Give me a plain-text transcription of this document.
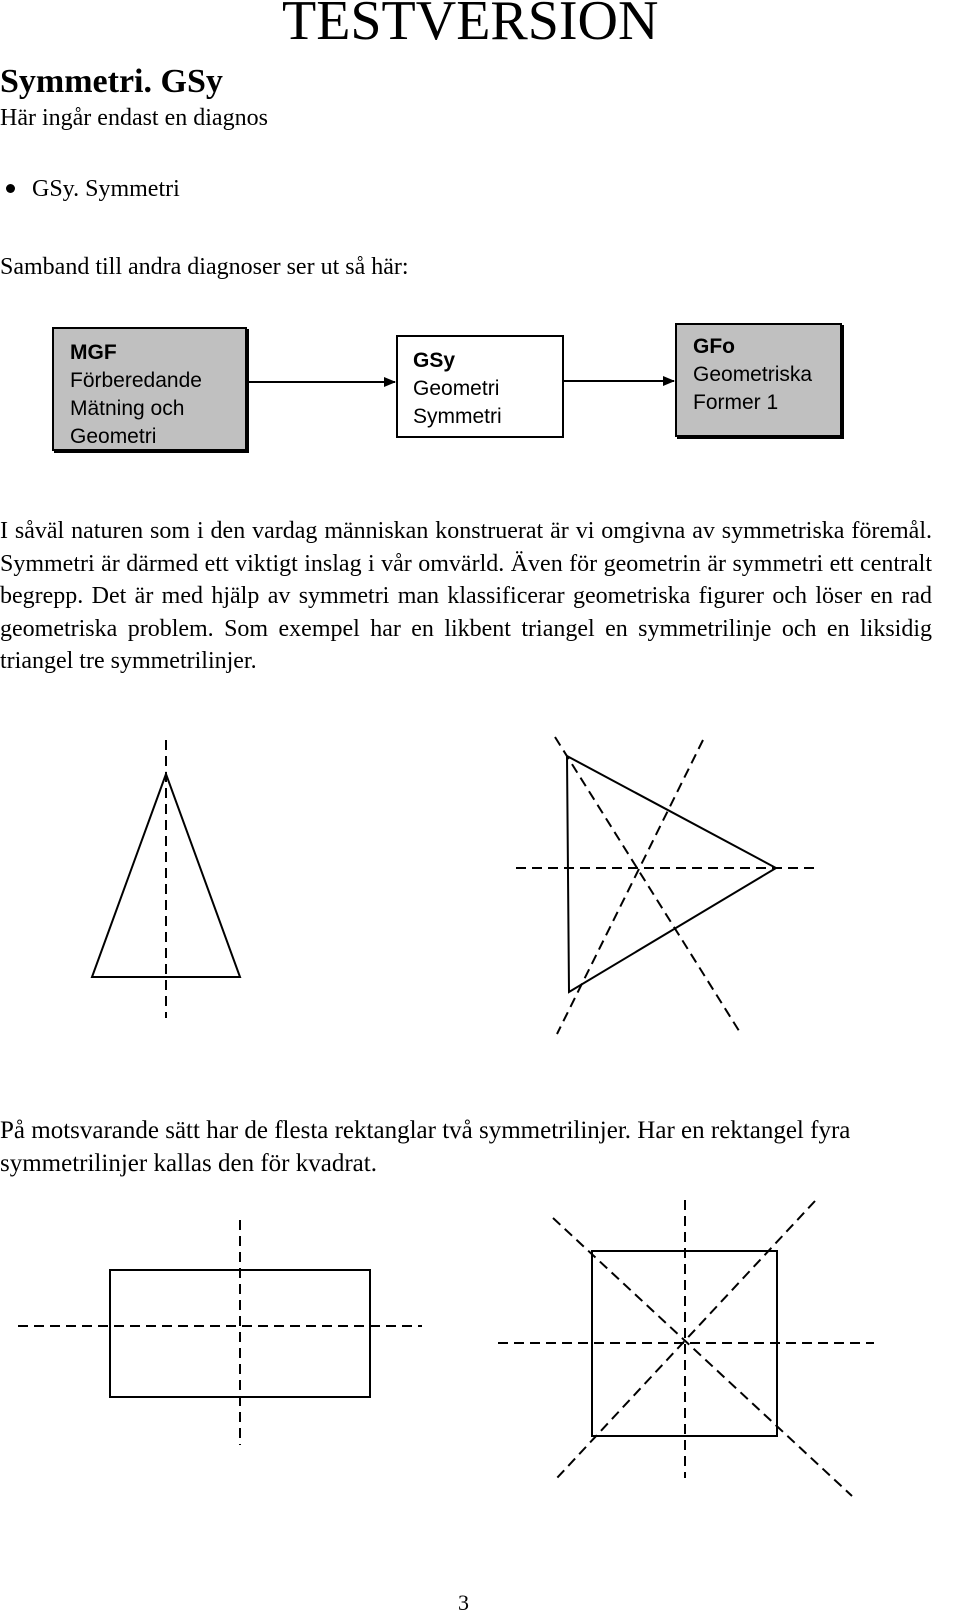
TESTVERSION

Symmetri. GSy

Här ingår endast en diagnos

GSy. Symmetri

Samband till andra diagnoser ser ut så här:

MGF
Förberedande
Mätning och
Geometri
GSy
Geometri
Symmetri
GFo
Geometriska
Former 1

I såväl naturen som i den vardag människan konstruerat är vi omgivna av symmetriska föremål. Symmetri är därmed ett viktigt inslag i vår omvärld. Även för geometrin är symmetri ett centralt begrepp. Det är med hjälp av symmetri man klassificerar geometriska figurer och löser en rad geometriska problem. Som exempel har en likbent triangel en symmetrilinje och en liksidig triangel tre symmetrilinjer.

På motsvarande sätt har de flesta rektanglar två symmetrilinjer. Har en rektangel fyra symmetrilinjer kallas den för kvadrat.

3
